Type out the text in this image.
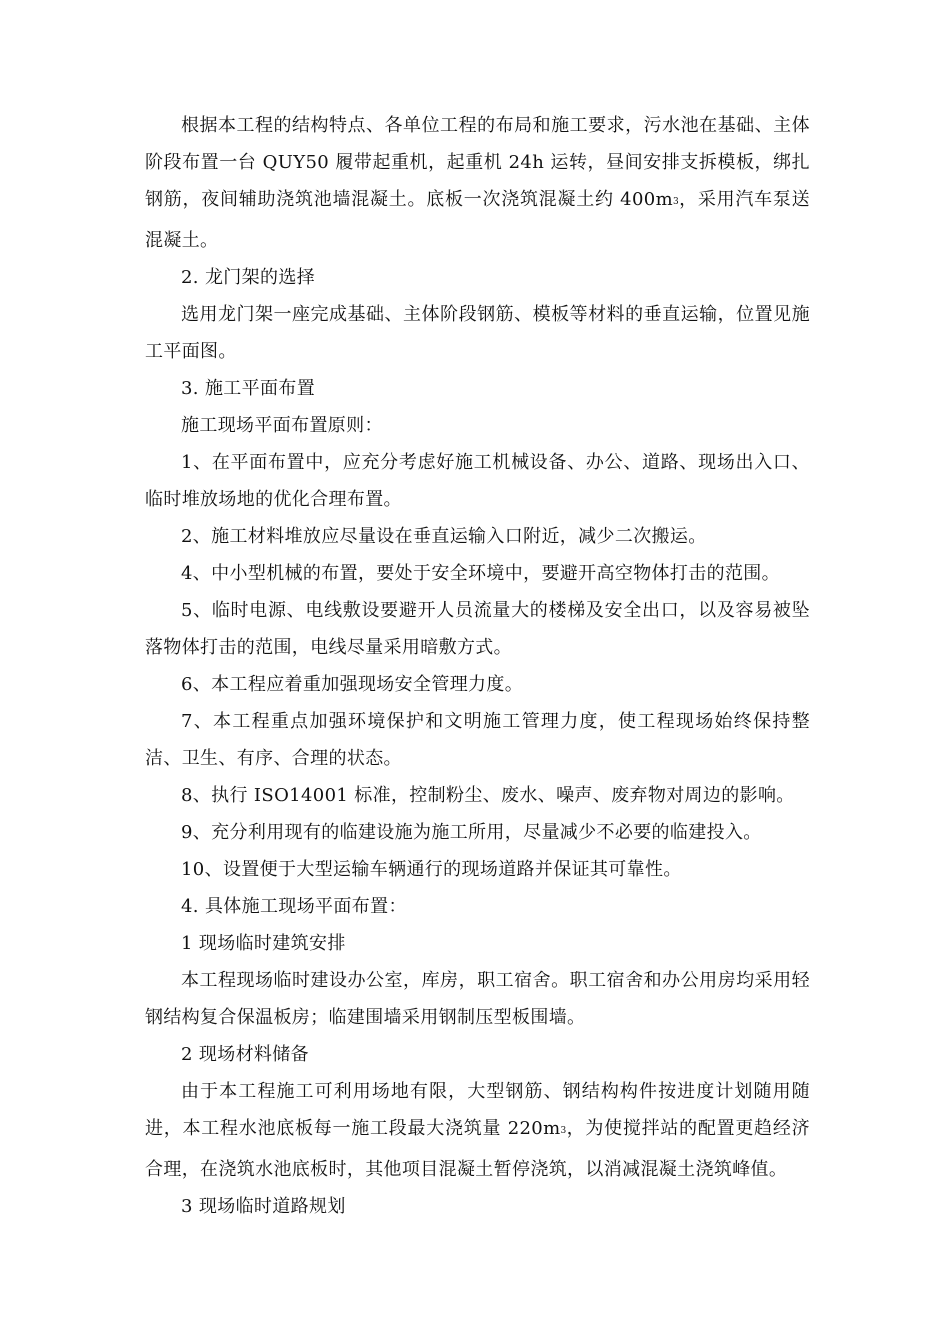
根据本工程的结构特点、各单位工程的布局和施工要求，污水池在基础、主体阶段布置一台 QUY50 履带起重机，起重机 24h 运转，昼间安排支拆模板，绑扎钢筋，夜间辅助浇筑池墙混凝土。底板一次浇筑混凝土约 $400m^3$，采用汽车泵送混凝土。

2. 龙门架的选择

选用龙门架一座完成基础、主体阶段钢筋、模板等材料的垂直运输，位置见施工平面图。

3. 施工平面布置

施工现场平面布置原则：

1、在平面布置中，应充分考虑好施工机械设备、办公、道路、现场出入口、临时堆放场地的优化合理布置。

2、施工材料堆放应尽量设在垂直运输入口附近，减少二次搬运。

4、中小型机械的布置，要处于安全环境中，要避开高空物体打击的范围。

5、临时电源、电线敷设要避开人员流量大的楼梯及安全出口，以及容易被坠落物体打击的范围，电线尽量采用暗敷方式。

6、本工程应着重加强现场安全管理力度。

7、本工程重点加强环境保护和文明施工管理力度，使工程现场始终保持整洁、卫生、有序、合理的状态。

8、执行 ISO14001 标准，控制粉尘、废水、噪声、废弃物对周边的影响。

9、充分利用现有的临建设施为施工所用，尽量减少不必要的临建投入。

10、设置便于大型运输车辆通行的现场道路并保证其可靠性。

4. 具体施工现场平面布置：

1 现场临时建筑安排

本工程现场临时建设办公室，库房，职工宿舍。职工宿舍和办公用房均采用轻钢结构复合保温板房；临建围墙采用钢制压型板围墙。

2 现场材料储备

由于本工程施工可利用场地有限，大型钢筋、钢结构构件按进度计划随用随进，本工程水池底板每一施工段最大浇筑量 $220m^3$，为使搅拌站的配置更趋经济合理，在浇筑水池底板时，其他项目混凝土暂停浇筑，以消减混凝土浇筑峰值。

3 现场临时道路规划
